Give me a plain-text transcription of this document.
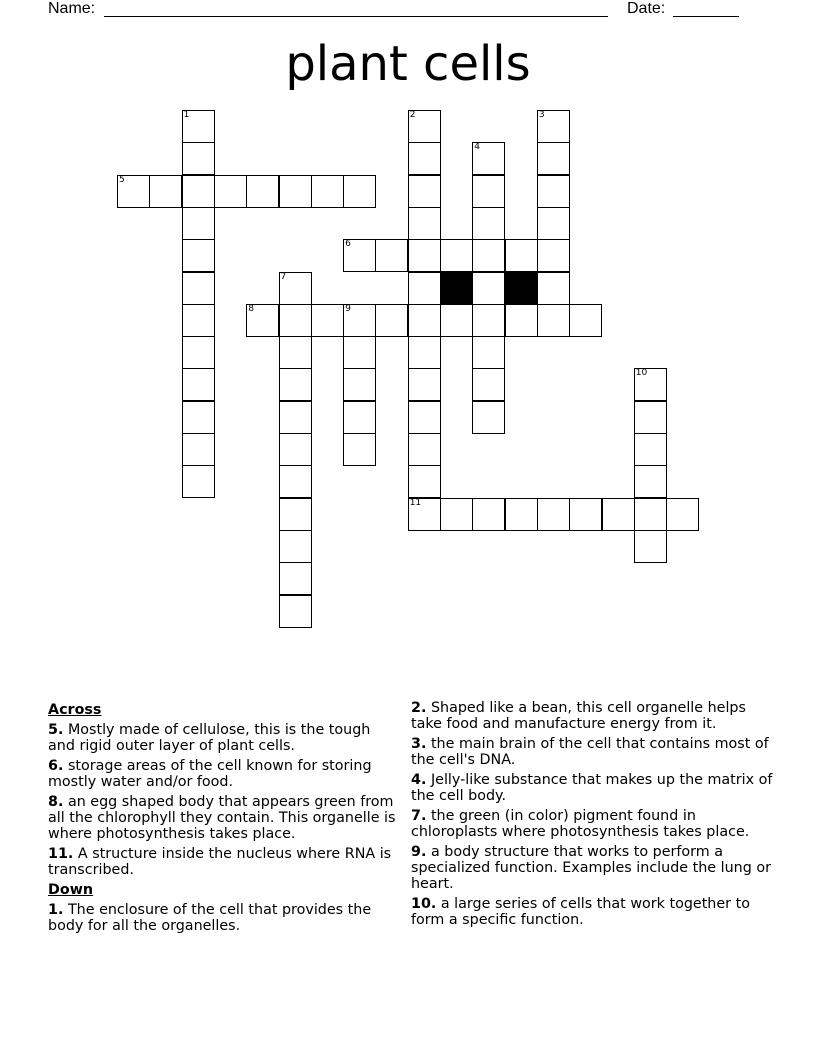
Name:	Date:
plant cells
1	2
11
3
4
5
6
7
8	9
10
Across
5. Mostly made of cellulose, this is the tough and rigid outer layer of plant cells.
6. storage areas of the cell known for storing mostly water and/or food.
8. an egg shaped body that appears green from all the chlorophyll they contain. This organelle is where photosynthesis takes place.
11. A structure inside the nucleus where RNA is transcribed.
Down
1. The enclosure of the cell that provides the body for all the organelles.
2. Shaped like a bean, this cell organelle helps take food and manufacture energy from it.
3. the main brain of the cell that contains most of the cell's DNA.
4. Jelly-like substance that makes up the matrix of the cell body.
7. the green (in color) pigment found in chloroplasts where photosynthesis takes place.
9. a body structure that works to perform a specialized function. Examples include the lung or heart.
10. a large series of cells that work together to form a specific function.
